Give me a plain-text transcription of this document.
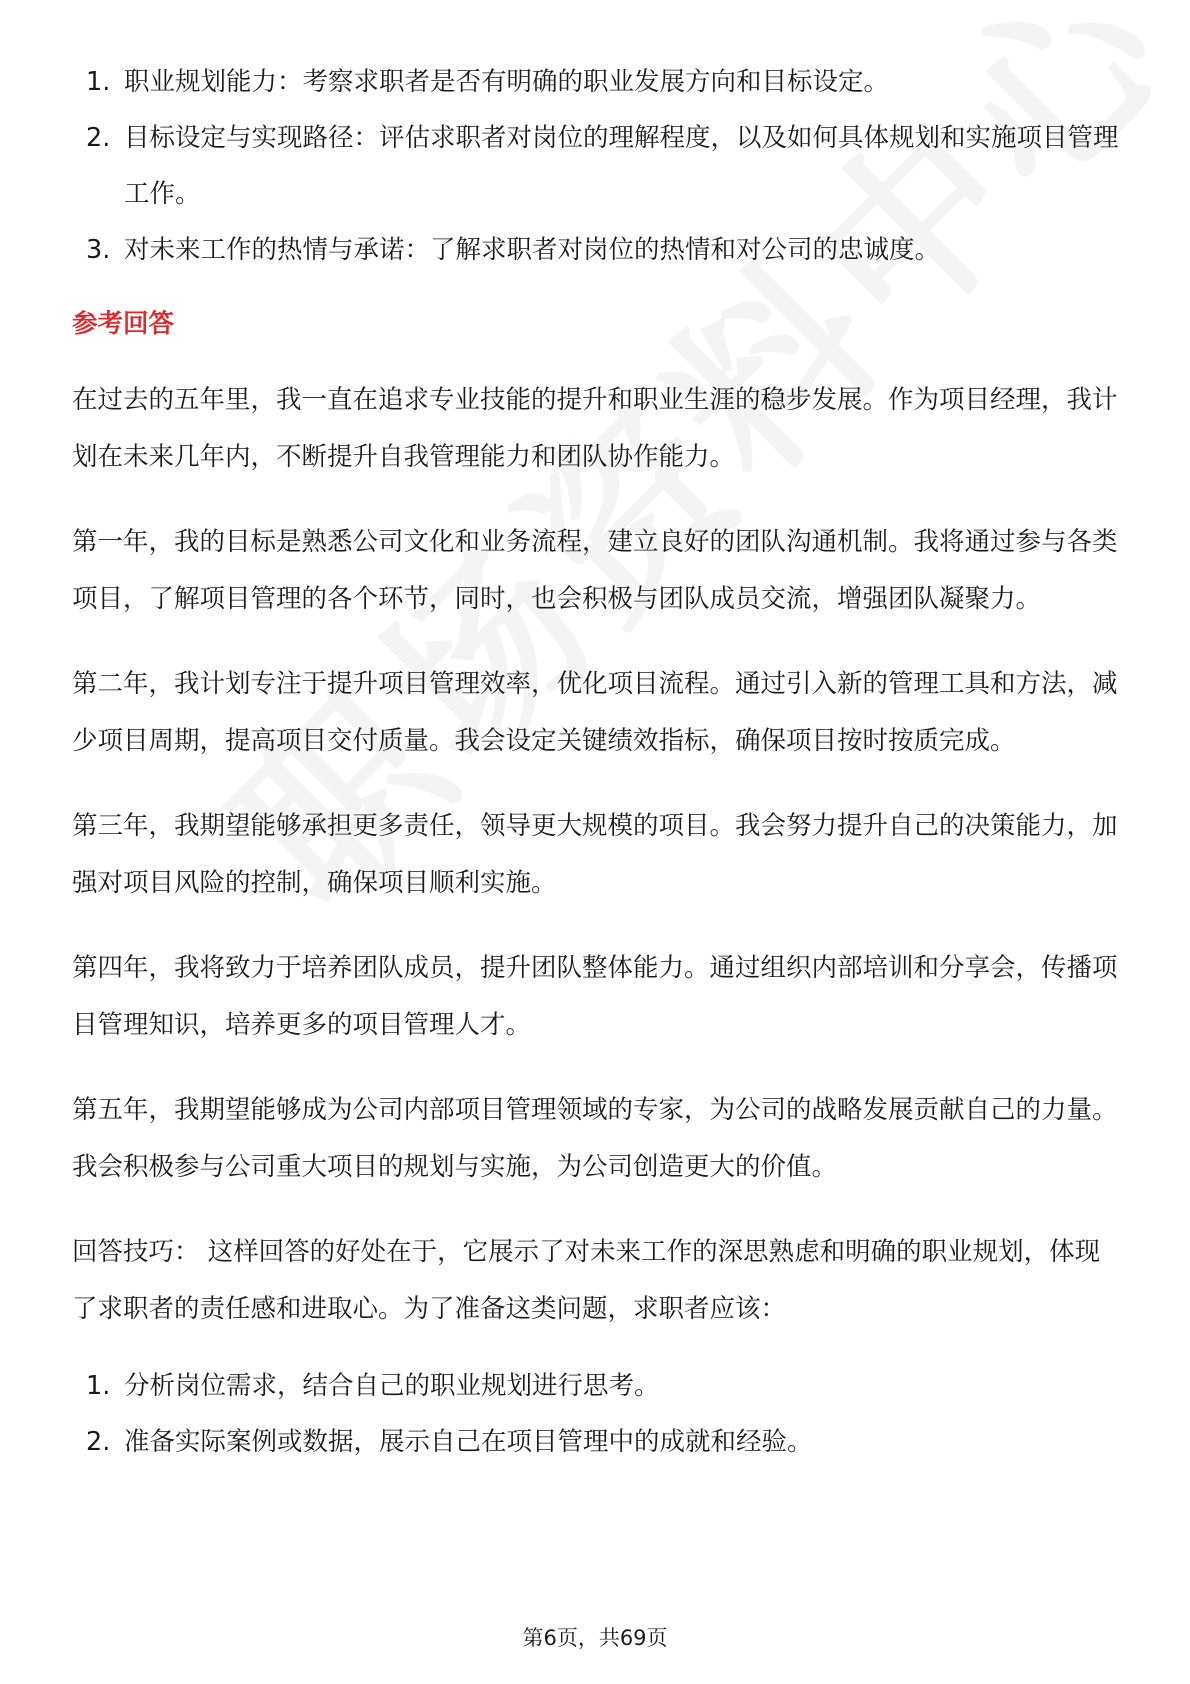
1. 职业规划能力：考察求职者是否有明确的职业发展方向和目标设定。
2. 目标设定与实现路径：评估求职者对岗位的理解程度，以及如何具体规划和实施项目管理工作。
3. 对未来工作的热情与承诺：了解求职者对岗位的热情和对公司的忠诚度。
参考回答

在过去的五年里，我一直在追求专业技能的提升和职业生涯的稳步发展。作为项目经理，我计划在未来几年内，不断提升自我管理能力和团队协作能力。

第一年，我的目标是熟悉公司文化和业务流程，建立良好的团队沟通机制。我将通过参与各类项目，了解项目管理的各个环节，同时，也会积极与团队成员交流，增强团队凝聚力。

第二年，我计划专注于提升项目管理效率，优化项目流程。通过引入新的管理工具和方法，减少项目周期，提高项目交付质量。我会设定关键绩效指标，确保项目按时按质完成。

第三年，我期望能够承担更多责任，领导更大规模的项目。我会努力提升自己的决策能力，加强对项目风险的控制，确保项目顺利实施。

第四年，我将致力于培养团队成员，提升团队整体能力。通过组织内部培训和分享会，传播项目管理知识，培养更多的项目管理人才。

第五年，我期望能够成为公司内部项目管理领域的专家，为公司的战略发展贡献自己的力量。我会积极参与公司重大项目的规划与实施，为公司创造更大的价值。

回答技巧： 这样回答的好处在于，它展示了对未来工作的深思熟虑和明确的职业规划，体现了求职者的责任感和进取心。为了准备这类问题，求职者应该：

1. 分析岗位需求，结合自己的职业规划进行思考。
2. 准备实际案例或数据，展示自己在项目管理中的成就和经验。
第6页，共69页
